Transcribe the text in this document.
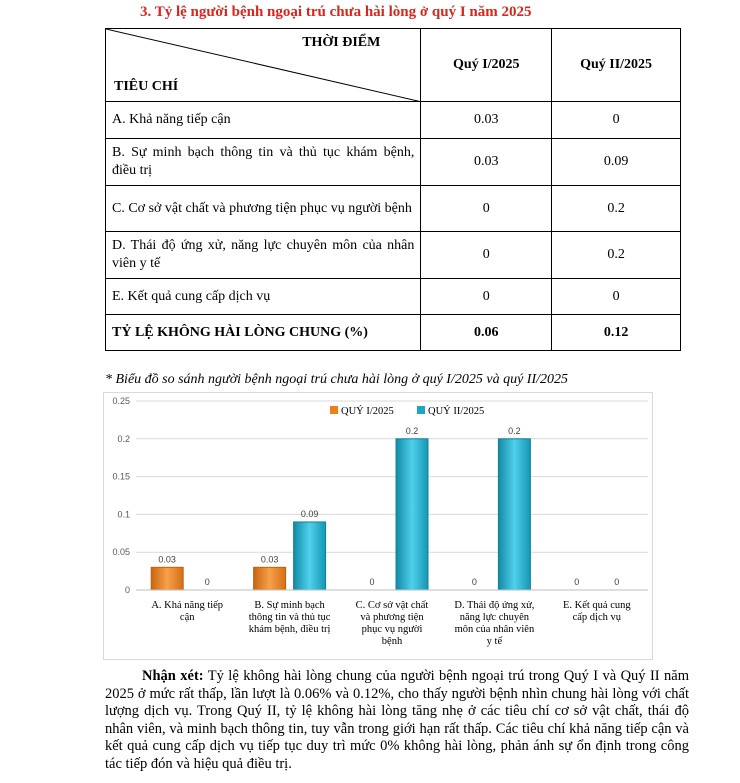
3. Tỷ lệ người bệnh ngoại trú chưa hài lòng ở quý I năm 2025
THỜI ĐIỂM
TIÊU CHÍ	Quý I/2025	Quý II/2025
A. Khả năng tiếp cận	0.03	0
B. Sự minh bạch thông tin và thủ tục khám bệnh, điều trị	0.03	0.09
C. Cơ sở vật chất và phương tiện phục vụ người bệnh	0	0.2
D. Thái độ ứng xử, năng lực chuyên môn của nhân viên y tế	0	0.2
E. Kết quả cung cấp dịch vụ	0	0
TỶ LỆ KHÔNG HÀI LÒNG CHUNG (%)	0.06	0.12
* Biểu đồ so sánh người bệnh ngoại trú chưa hài lòng ở quý I/2025 và quý II/2025
0
0.05
0.1
0.15
0.2
0.25
0.03
0
A. Khả năng tiếp
cận
0.03
0.09
B. Sự minh bạch
thông tin và thủ tục
khám bệnh, điều trị
0
0.2
C. Cơ sở vật chất
và phương tiện
phục vụ người
bệnh
0
0.2
D. Thái độ ứng xử,
năng lực chuyên
môn của nhân viên
y tế
0	0
E. Kết quả cung
cấp dịch vụ
QUÝ I/2025	QUÝ II/2025
Nhận xét: Tỷ lệ không hài lòng chung của người bệnh ngoại trú trong Quý I và Quý II năm 2025 ở mức rất thấp, lần lượt là 0.06% và 0.12%, cho thấy người bệnh nhìn chung hài lòng với chất lượng dịch vụ. Trong Quý II, tỷ lệ không hài lòng tăng nhẹ ở các tiêu chí cơ sở vật chất, thái độ nhân viên, và minh bạch thông tin, tuy vẫn trong giới hạn rất thấp. Các tiêu chí khả năng tiếp cận và kết quả cung cấp dịch vụ tiếp tục duy trì mức 0% không hài lòng, phản ánh sự ổn định trong công tác tiếp đón và hiệu quả điều trị.
